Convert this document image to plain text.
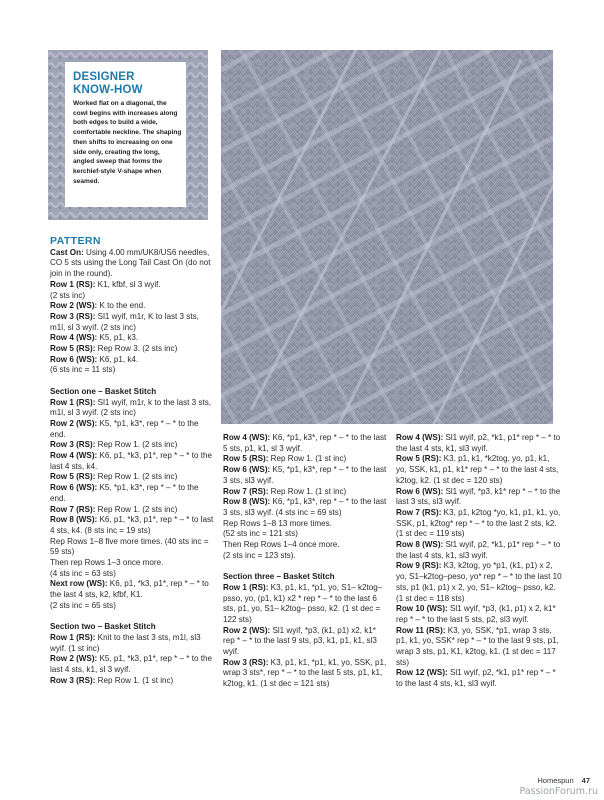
DESIGNER
KNOW-HOW
Worked flat on a diagonal, the cowl begins with increases along both edges to build a wide, comfortable neckline. The shaping then shifts to increasing on one side only, creating the long, angled sweep that forms the kerchief-style V-shape when seamed.
PATTERN

Cast On: Using 4.00 mm/UK8/US6 needles, CO 5 sts using the Long Tail Cast On (do not join in the round).

Row 1 (RS): K1, kfbf, sl 3 wyif.

(2 sts inc)

Row 2 (WS): K to the end.

Row 3 (RS): Sl1 wyif, m1r, K to last 3 sts, m1l, sl 3 wyif. (2 sts inc)

Row 4 (WS): K5, p1, k3.

Row 5 (RS): Rep Row 3. (2 sts inc)

Row 6 (WS): K6, p1, k4.

(6 sts inc = 11 sts)

Section one – Basket Stitch

Row 1 (RS): Sl1 wyif, m1r, k to the last 3 sts, m1l, sl 3 wyif. (2 sts inc)

Row 2 (WS): K5, *p1, k3*, rep * – * to the end.

Row 3 (RS): Rep Row 1. (2 sts inc)

Row 4 (WS): K6, p1, *k3, p1*, rep * – * to the last 4 sts, k4.

Row 5 (RS): Rep Row 1. (2 sts inc)

Row 6 (WS): K5, *p1, k3*, rep * – * to the end.

Row 7 (RS): Rep Row 1. (2 sts inc)

Row 8 (WS): K6, p1, *k3, p1*, rep * – * to last 4 sts, k4. (8 sts inc = 19 sts)

Rep Rows 1–8 five more times. (40 sts inc = 59 sts)

Then rep Rows 1–3 once more.

(4 sts inc = 63 sts)

Next row (WS): K6, p1, *k3, p1*, rep * – * to the last 4 sts, k2, kfbf, K1.

(2 sts inc = 65 sts)

Section two – Basket Stitch

Row 1 (RS): Knit to the last 3 sts, m1l, sl3 wyif. (1 st inc)

Row 2 (WS): K5, p1, *k3, p1*, rep * – * to the last 4 sts, k1, sl 3 wyif.

Row 3 (RS): Rep Row 1. (1 st inc)

Row 4 (WS): K6, *p1, k3*, rep * – * to the last 5 sts, p1, k1, sl 3 wyif.

Row 5 (RS): Rep Row 1. (1 st inc)

Row 6 (WS): K5, *p1, k3*, rep * – * to the last 3 sts, sl3 wyif.

Row 7 (RS): Rep Row 1. (1 st inc)

Row 8 (WS): K6, *p1, k3*, rep * – * to the last 3 sts, sl3 wyif. (4 sts inc = 69 sts)

Rep Rows 1–8 13 more times.

(52 sts inc = 121 sts)

Then Rep Rows 1–4 once more.

(2 sts inc = 123 sts).

Section three – Basket Stitch

Row 1 (RS): K3, p1, k1, *p1, yo, S1– k2tog–psso, yo, (p1, k1) x2 * rep * – * to the last 6 sts, p1, yo, S1– k2tog– psso, k2. (1 st dec = 122 sts)

Row 2 (WS): Sl1 wyif, *p3, (k1, p1) x2, k1* rep * – * to the last 9 sts, p3, k1, p1, k1, sl3 wyif.

Row 3 (RS): K3, p1, k1, *p1, k1, yo, SSK, p1, wrap 3 sts*, rep * – * to the last 5 sts, p1, k1, k2tog, k1. (1 st dec = 121 sts)

Row 4 (WS): Sl1 wyif, p2, *k1, p1* rep * – * to the last 4 sts, k1, sl3 wyif.

Row 5 (RS): K3, p1, k1, *k2tog, yo, p1, k1, yo, SSK, k1, p1, k1* rep * – * to the last 4 sts, k2tog, k2. (1 st dec = 120 sts)

Row 6 (WS): Sl1 wyif, *p3, k1* rep * – * to the last 3 sts, sl3 wyif.

Row 7 (RS): K3, p1, k2tog *yo, k1, p1, k1, yo, SSK, p1, k2tog* rep * – * to the last 2 sts, k2. (1 st dec = 119 sts)

Row 8 (WS): Sl1 wyif, p2, *k1, p1* rep * – * to the last 4 sts, k1, sl3 wyif.

Row 9 (RS): K3, k2tog, yo *p1, (k1, p1) x 2, yo, S1–k2tog–pesо, yo* rep * – * to the last 10 sts, p1 (k1, p1) x 2, yo, S1– k2tog– psso, k2. (1 st dec = 118 sts)

Row 10 (WS): Sl1 wyif, *p3, (k1, p1) x 2, k1* rep * – * to the last 5 sts, p2, sl3 wyif.

Row 11 (RS): K3, yo, SSK, *p1, wrap 3 sts, p1, k1, yo, SSK* rep * – * to the last 9 sts, p1, wrap 3 sts, p1, K1, k2tog, k1. (1 st dec = 117 sts)

Row 12 (WS): Sl1 wyif, p2, *k1, p1* rep * – * to the last 4 sts, k1, sl3 wyif.

Homespun 47
PassionForum.ru
